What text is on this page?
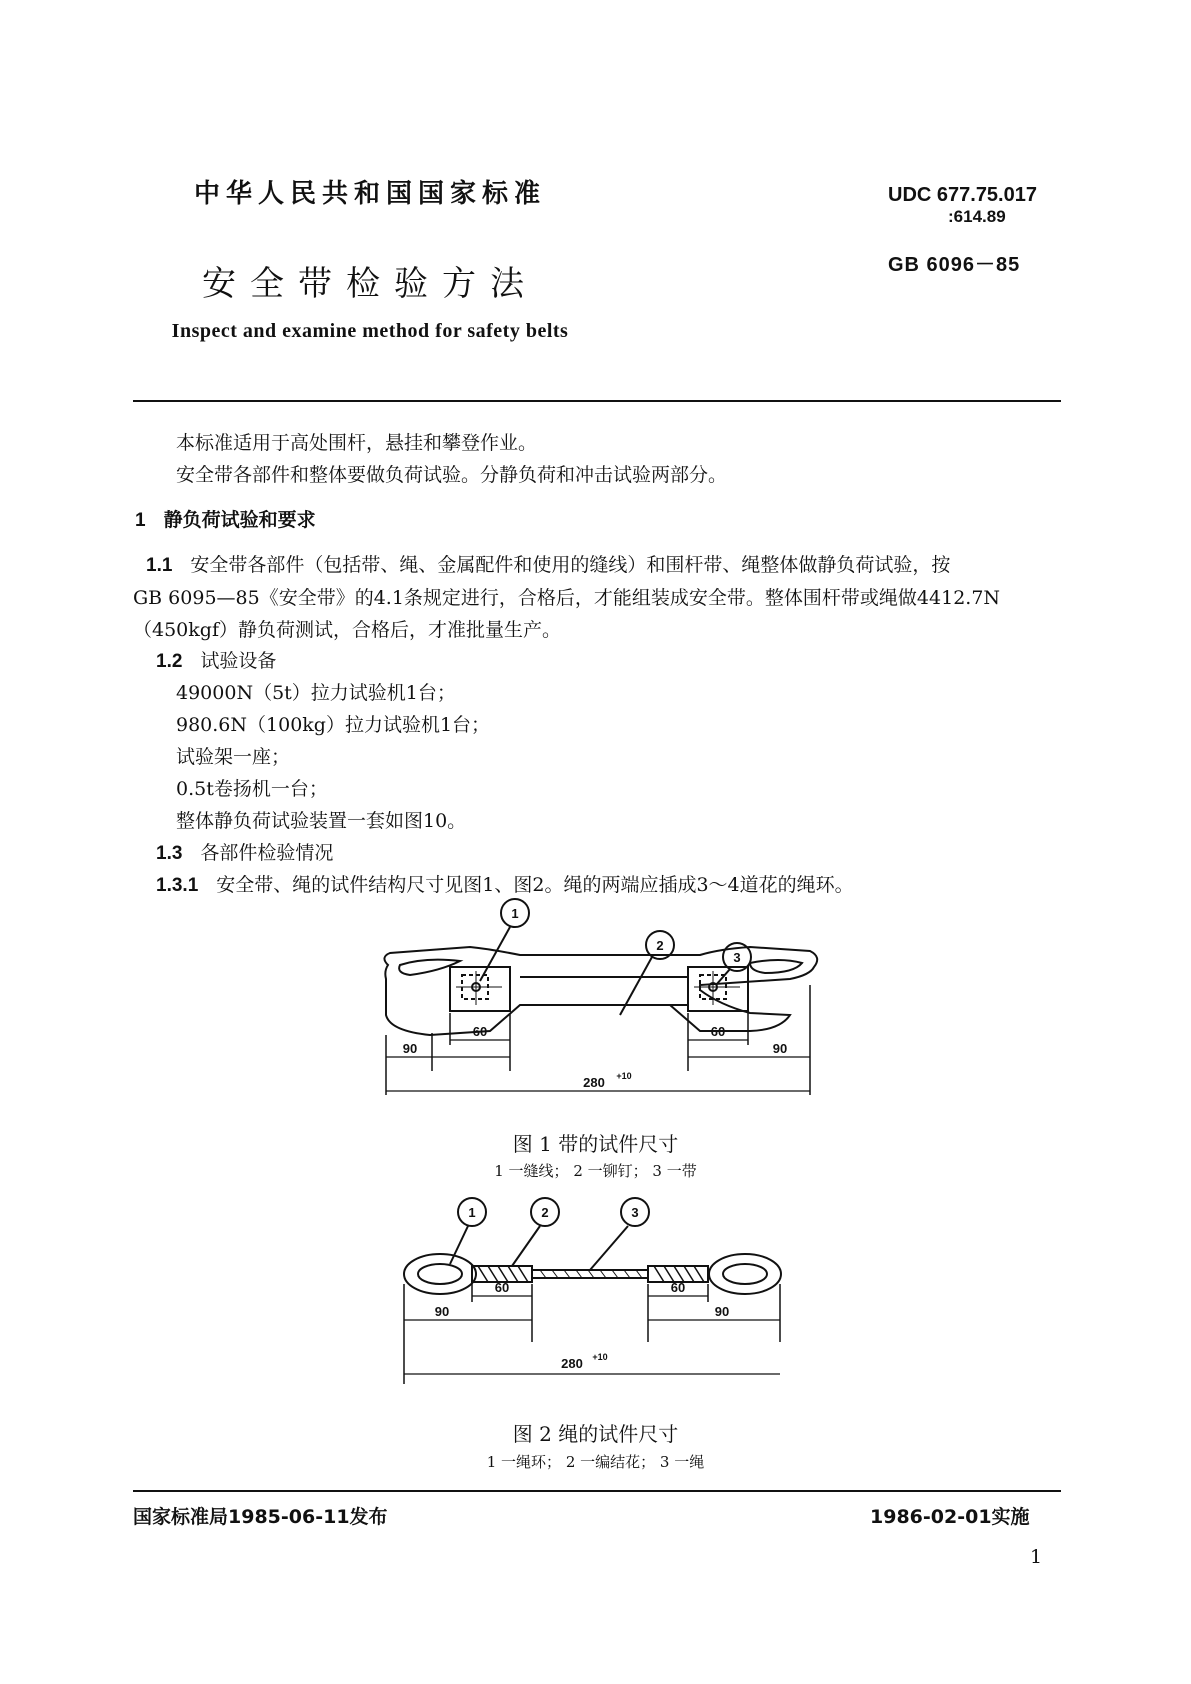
中华人民共和国国家标准	UDC 677.75.017
:614.89
GB 6096－85
安全带检验方法
Inspect and examine method for safety belts
本标准适用于高处围杆，悬挂和攀登作业。
安全带各部件和整体要做负荷试验。分静负荷和冲击试验两部分。
1 静负荷试验和要求
1.1 安全带各部件（包括带、绳、金属配件和使用的缝线）和围杆带、绳整体做静负荷试验，按
GB 6095—85《安全带》的4.1条规定进行，合格后，才能组装成安全带。整体围杆带或绳做4412.7N
（450kgf）静负荷测试，合格后，才准批量生产。
1.2 试验设备
49000N（5t）拉力试验机1台；
980.6N（100kg）拉力试验机1台；
试验架一座；
0.5t卷扬机一台；
整体静负荷试验装置一套如图10。
1.3 各部件检验情况
1.3.1 安全带、绳的试件结构尺寸见图1、图2。绳的两端应插成3～4道花的绳环。
1
2
3
60	60
90	90
280 +10
图 1 带的试件尺寸
1 一缝线； 2 一铆钉； 3 一带
1	2	3
60	60
90	90
280 +10
图 2 绳的试件尺寸
1 一绳环； 2 一编结花； 3 一绳
国家标准局1985-06-11发布	1986-02-01实施
1
